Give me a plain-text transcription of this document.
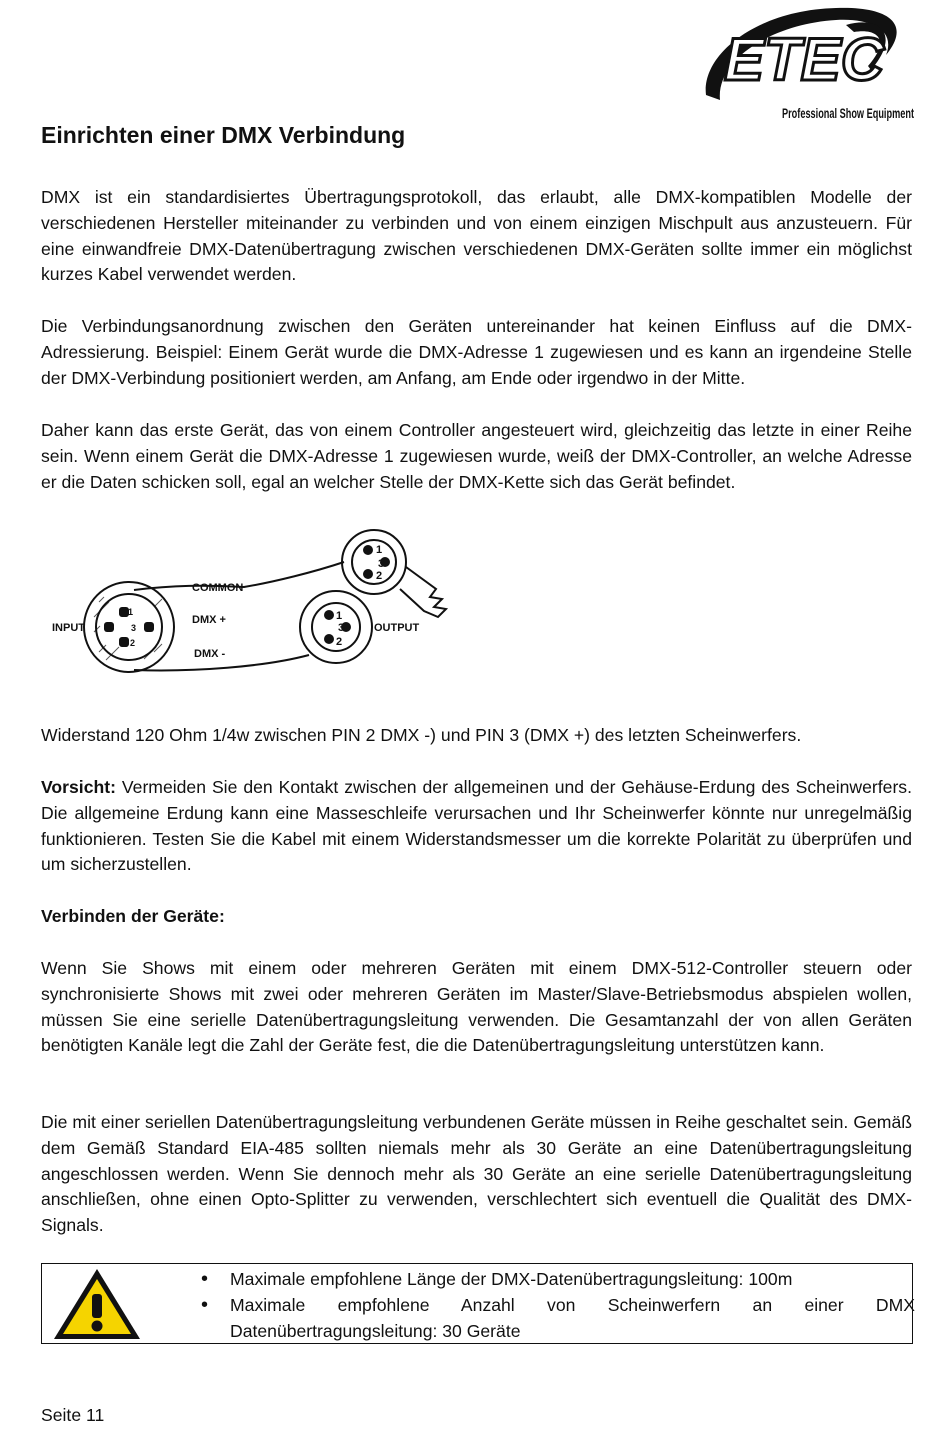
ETEC
Professional Show Equipment
Einrichten einer DMX Verbindung

DMX ist ein standardisiertes Übertragungsprotokoll, das erlaubt, alle DMX-kompatiblen Modelle der verschiedenen Hersteller miteinander zu verbinden und von einem einzigen Mischpult aus anzusteuern. Für eine einwandfreie DMX-Datenübertragung zwischen verschiedenen DMX-Geräten sollte immer ein möglichst kurzes Kabel verwendet werden.

Die Verbindungsanordnung zwischen den Geräten untereinander hat keinen Einfluss auf die DMX-Adressierung. Beispiel: Einem Gerät wurde die DMX-Adresse 1 zugewiesen und es kann an irgendeine Stelle der DMX-Verbindung positioniert werden, am Anfang, am Ende oder irgendwo in der Mitte.

Daher kann das erste Gerät, das von einem Controller angesteuert wird, gleichzeitig das letzte in einer Reihe sein. Wenn einem Gerät die DMX-Adresse 1 zugewiesen wurde, weiß der DMX-Controller, an welche Adresse er die Daten schicken soll, egal an welcher Stelle der DMX-Kette sich das Gerät befindet.

INPUT	OUTPUT
COMMON
DMX +
DMX -
1
3
2
1
3
2
1
3
2

Widerstand 120 Ohm 1/4w zwischen PIN 2 DMX -) und PIN 3 (DMX +) des letzten Scheinwerfers.

Vorsicht: Vermeiden Sie den Kontakt zwischen der allgemeinen und der Gehäuse-Erdung des Scheinwerfers. Die allgemeine Erdung kann eine Masseschleife verursachen und Ihr Scheinwerfer könnte nur unregelmäßig funktionieren. Testen Sie die Kabel mit einem Widerstandsmesser um die korrekte Polarität zu überprüfen und um sicherzustellen.

Verbinden der Geräte:

Wenn Sie Shows mit einem oder mehreren Geräten mit einem DMX-512-Controller steuern oder synchronisierte Shows mit zwei oder mehreren Geräten im Master/Slave-Betriebsmodus abspielen wollen, müssen Sie eine serielle Datenübertragungsleitung verwenden. Die Gesamtanzahl der von allen Geräten benötigten Kanäle legt die Zahl der Geräte fest, die die Datenübertragungsleitung unterstützen kann.

Die mit einer seriellen Datenübertragungsleitung verbundenen Geräte müssen in Reihe geschaltet sein. Gemäß dem Gemäß Standard EIA-485 sollten niemals mehr als 30 Geräte an eine Datenübertragungsleitung angeschlossen werden. Wenn Sie dennoch mehr als 30 Geräte an eine serielle Datenübertragungsleitung anschließen, ohne einen Opto-Splitter zu verwenden, verschlechtert sich eventuell die Qualität des DMX-Signals.

• Maximale empfohlene Länge der DMX-Datenübertragungsleitung: 100m
• Maximale empfohlene Anzahl von Scheinwerfern an einer DMX Datenübertragungsleitung: 30 Geräte
Seite 11
